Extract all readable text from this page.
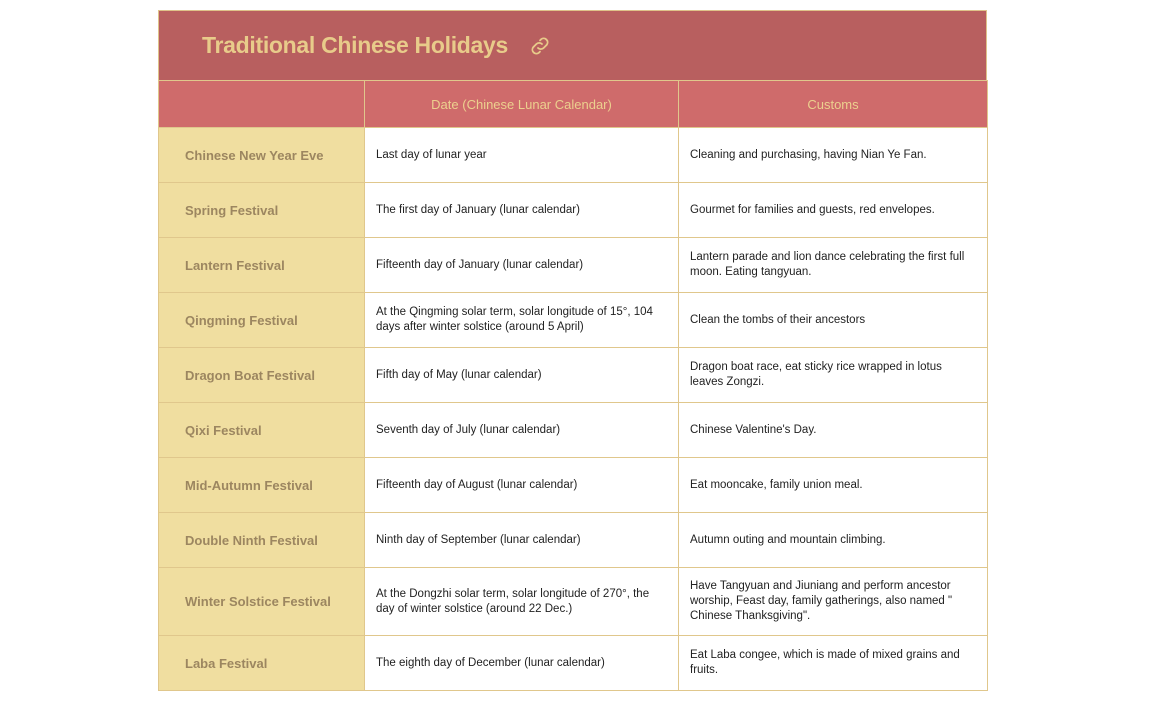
Traditional Chinese Holidays
	Date (Chinese Lunar Calendar)	Customs
Chinese New Year Eve	Last day of lunar year	Cleaning and purchasing, having Nian Ye Fan.
Spring Festival	The first day of January (lunar calendar)	Gourmet for families and guests, red envelopes.
Lantern Festival	Fifteenth day of January (lunar calendar)	Lantern parade and lion dance celebrating the first full moon. Eating tangyuan.
Qingming Festival	At the Qingming solar term, solar longitude of 15°, 104 days after winter solstice (around 5 April)	Clean the tombs of their ancestors
Dragon Boat Festival	Fifth day of May (lunar calendar)	Dragon boat race, eat sticky rice wrapped in lotus leaves Zongzi.
Qixi Festival	Seventh day of July (lunar calendar)	Chinese Valentine's Day.
Mid-Autumn Festival	Fifteenth day of August (lunar calendar)	Eat mooncake, family union meal.
Double Ninth Festival	Ninth day of September (lunar calendar)	Autumn outing and mountain climbing.
Winter Solstice Festival	At the Dongzhi solar term, solar longitude of 270°, the day of winter solstice (around 22 Dec.)	Have Tangyuan and Jiuniang and perform ancestor worship, Feast day, family gatherings, also named " Chinese Thanksgiving".
Laba Festival	The eighth day of December (lunar calendar)	Eat Laba congee, which is made of mixed grains and fruits.
